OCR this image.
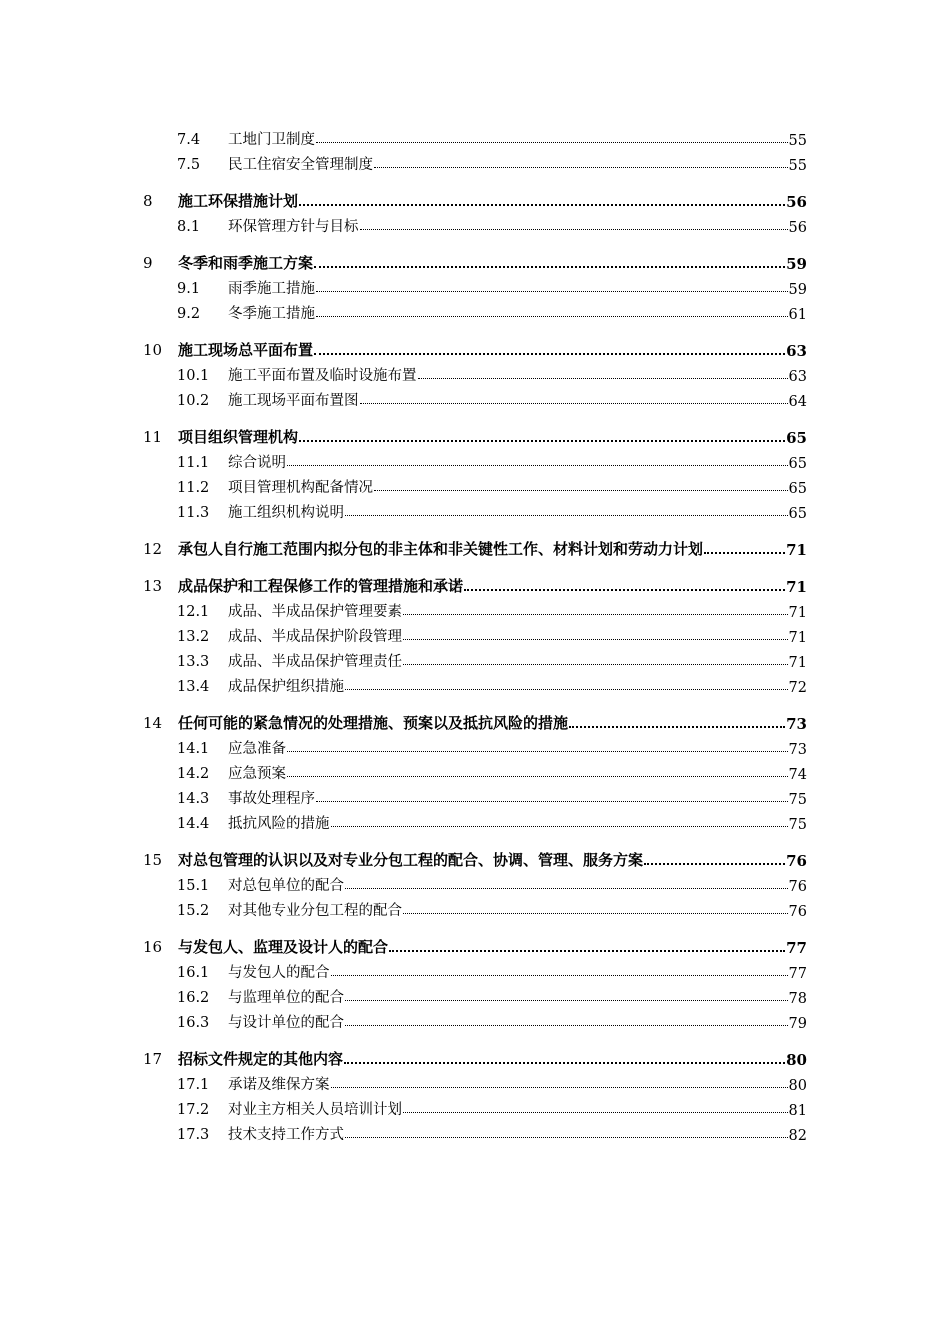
7.4	工地门卫制度	55
7.5	民工住宿安全管理制度	55
8	施工环保措施计划	56
8.1	环保管理方针与目标	56
9	冬季和雨季施工方案	59
9.1	雨季施工措施	59
9.2	冬季施工措施	61
10	施工现场总平面布置	63
10.1	施工平面布置及临时设施布置	63
10.2	施工现场平面布置图	64
11	项目组织管理机构	65
11.1	综合说明	65
11.2	项目管理机构配备情况	65
11.3	施工组织机构说明	65
12	承包人自行施工范围内拟分包的非主体和非关键性工作、材料计划和劳动力计划	71
13	成品保护和工程保修工作的管理措施和承诺	71
12.1	成品、半成品保护管理要素	71
13.2	成品、半成品保护阶段管理	71
13.3	成品、半成品保护管理责任	71
13.4	成品保护组织措施	72
14	任何可能的紧急情况的处理措施、预案以及抵抗风险的措施	73
14.1	应急准备	73
14.2	应急预案	74
14.3	事故处理程序	75
14.4	抵抗风险的措施	75
15	对总包管理的认识以及对专业分包工程的配合、协调、管理、服务方案	76
15.1	对总包单位的配合	76
15.2	对其他专业分包工程的配合	76
16	与发包人、监理及设计人的配合	77
16.1	与发包人的配合	77
16.2	与监理单位的配合	78
16.3	与设计单位的配合	79
17	招标文件规定的其他内容	80
17.1	承诺及维保方案	80
17.2	对业主方相关人员培训计划	81
17.3	技术支持工作方式	82
